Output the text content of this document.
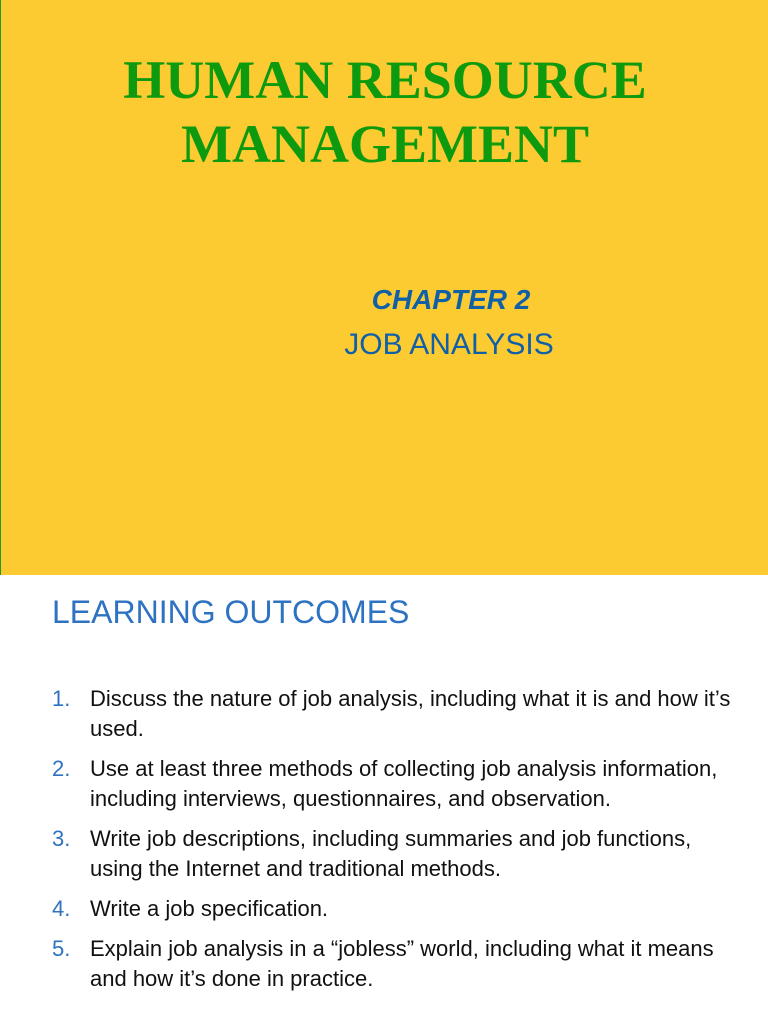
HUMAN RESOURCE
MANAGEMENT
CHAPTER 2
JOB ANALYSIS
LEARNING OUTCOMES
1. Discuss the nature of job analysis, including what it is and how it’s used.
2. Use at least three methods of collecting job analysis information, including interviews, questionnaires, and observation.
3. Write job descriptions, including summaries and job functions, using the Internet and traditional methods.
4. Write a job specification.
5. Explain job analysis in a “jobless” world, including what it means and how it’s done in practice.
